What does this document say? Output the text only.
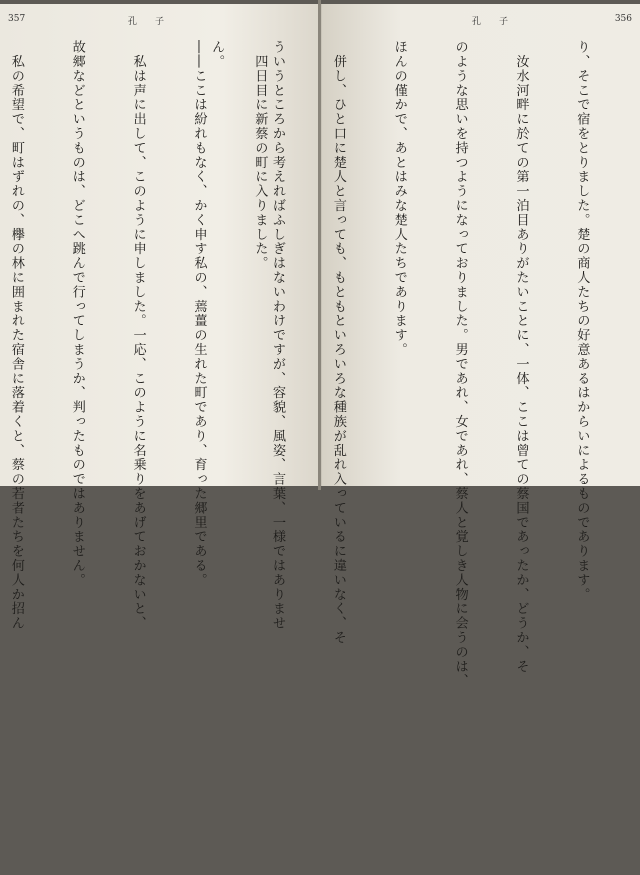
357	孔　　子

　四日目に新蔡の町に入りました。

――ここは紛れもなく、かく申す私の、蔫薑の生れた町であり、育った郷里である。

　私は声に出して、このように申しました。一応、このように名乗りをあげておかないと、

故郷などというものは、どこへ跳んで行ってしまうか、判ったものではありません。

　私の希望で、町はずれの、欅の林に囲まれた宿舎に落着くと、蔡の若者たちを何人か招ん

孔　　子	356

り、そこで宿をとりました。楚の商人たちの好意あるはからいによるものであります。

　汝水河畔に於ての第一泊目ありがたいことに、一体、ここは曾ての蔡国であったか、どうか、そ

のような思いを持つようになっておりました。男であれ、女であれ、蔡人と覚しき人物に会うのは、

ほんの僅かで、あとはみな楚人たちであります。

　併し、ひと口に楚人と言っても、もともといろいろな種族が乱れ入っているに違いなく、そ

ういうところから考えればふしぎはないわけですが、容貌、風姿、言葉、一様ではありませ

ん。
